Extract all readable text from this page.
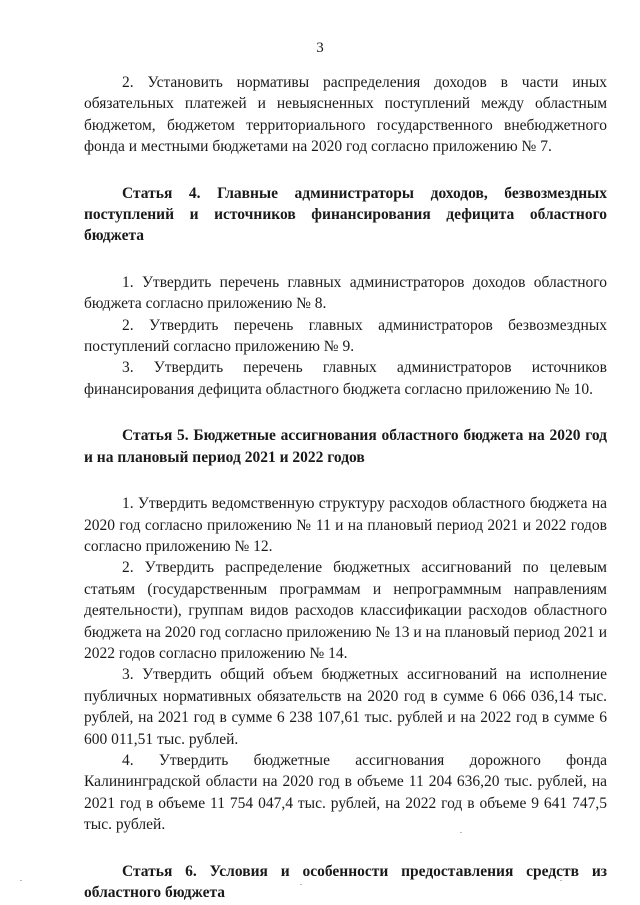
3

2. Установить нормативы распределения доходов в части иных обязательных платежей и невыясненных поступлений между областным бюджетом, бюджетом территориального государственного внебюджетного фонда и местными бюджетами на 2020 год согласно приложению № 7.

Статья 4. Главные администраторы доходов, безвозмездных поступлений и источников финансирования дефицита областного бюджета

1. Утвердить перечень главных администраторов доходов областного бюджета согласно приложению № 8.

2. Утвердить перечень главных администраторов безвозмездных поступлений согласно приложению № 9.

3. Утвердить перечень главных администраторов источников финансирования дефицита областного бюджета согласно приложению № 10.

Статья 5. Бюджетные ассигнования областного бюджета на 2020 год и на плановый период 2021 и 2022 годов

1. Утвердить ведомственную структуру расходов областного бюджета на 2020 год согласно приложению № 11 и на плановый период 2021 и 2022 годов согласно приложению № 12.

2. Утвердить распределение бюджетных ассигнований по целевым статьям (государственным программам и непрограммным направлениям деятельности), группам видов расходов классификации расходов областного бюджета на 2020 год согласно приложению № 13 и на плановый период 2021 и 2022 годов согласно приложению № 14.

3. Утвердить общий объем бюджетных ассигнований на исполнение публичных нормативных обязательств на 2020 год в сумме 6 066 036,14 тыс. рублей, на 2021 год в сумме 6 238 107,61 тыс. рублей и на 2022 год в сумме 6 600 011,51 тыс. рублей.

4. Утвердить бюджетные ассигнования дорожного фонда Калининградской области на 2020 год в объеме 11 204 636,20 тыс. рублей, на 2021 год в объеме 11 754 047,4 тыс. рублей, на 2022 год в объеме 9 641 747,5 тыс. рублей.

Статья 6. Условия и особенности предоставления средств из областного бюджета
